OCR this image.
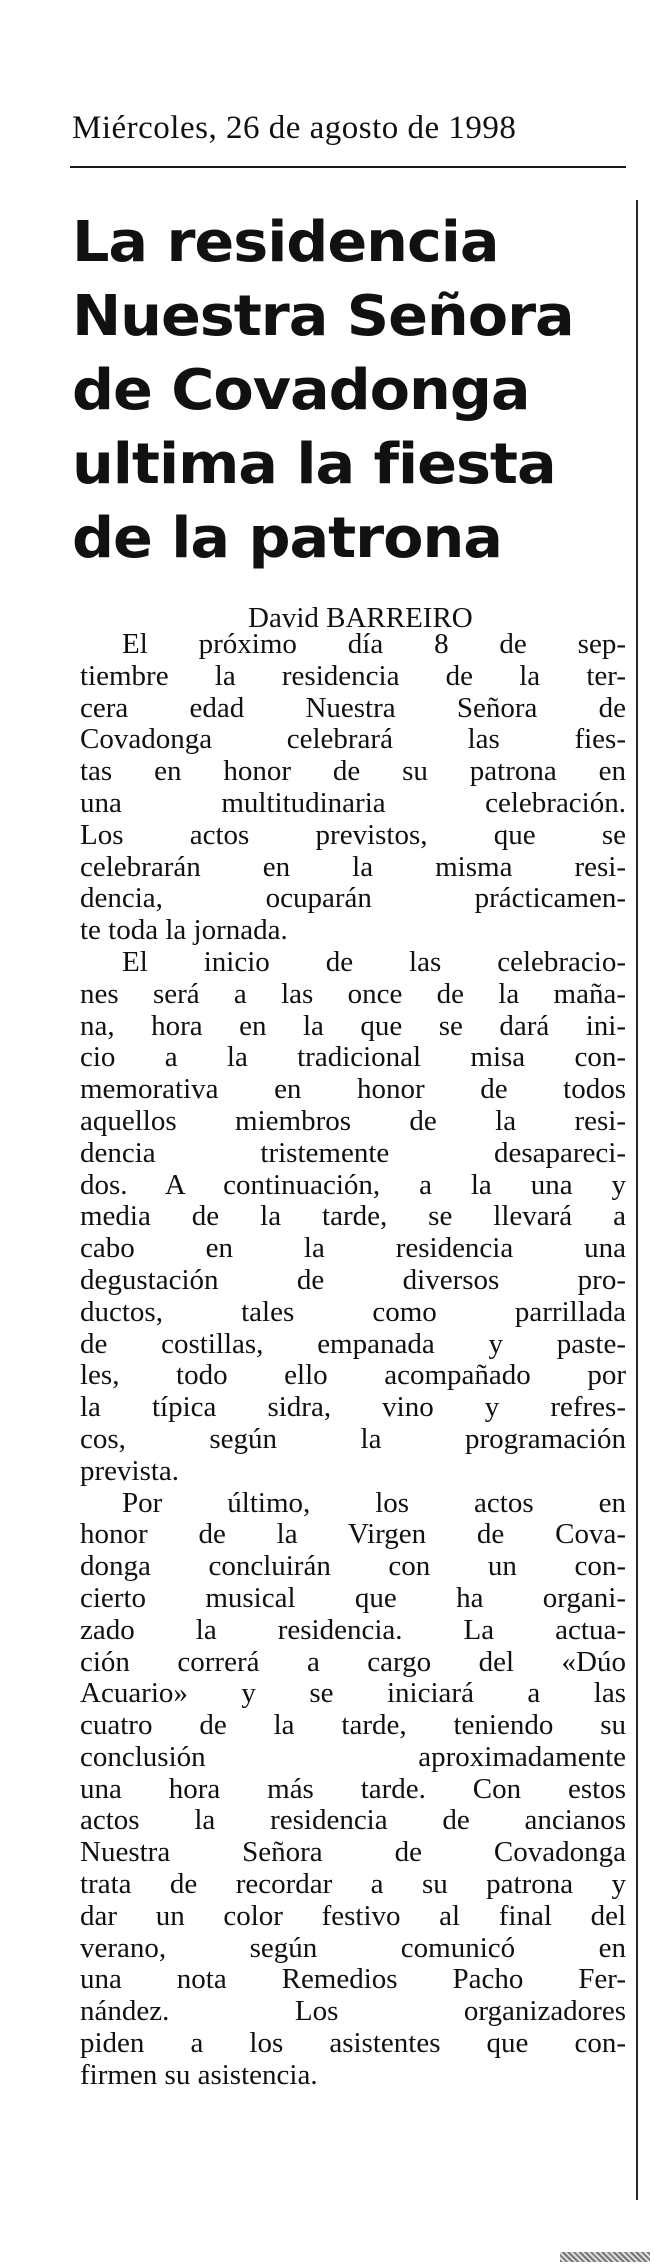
Miércoles, 26 de agosto de 1998
La residencia
Nuestra Señora
de Covadonga
ultima la fiesta
de la patrona
David BARREIRO
El próximo día 8 de sep-
tiembre la residencia de la ter-
cera edad Nuestra Señora de
Covadonga celebrará las fies-
tas en honor de su patrona en
una multitudinaria celebración.
Los actos previstos, que se
celebrarán en la misma resi-
dencia, ocuparán prácticamen-
te toda la jornada.
El inicio de las celebracio-
nes será a las once de la maña-
na, hora en la que se dará ini-
cio a la tradicional misa con-
memorativa en honor de todos
aquellos miembros de la resi-
dencia tristemente desapareci-
dos. A continuación, a la una y
media de la tarde, se llevará a
cabo en la residencia una
degustación de diversos pro-
ductos, tales como parrillada
de costillas, empanada y paste-
les, todo ello acompañado por
la típica sidra, vino y refres-
cos, según la programación
prevista.
Por último, los actos en
honor de la Virgen de Cova-
donga concluirán con un con-
cierto musical que ha organi-
zado la residencia. La actua-
ción correrá a cargo del «Dúo
Acuario» y se iniciará a las
cuatro de la tarde, teniendo su
conclusión aproximadamente
una hora más tarde. Con estos
actos la residencia de ancianos
Nuestra Señora de Covadonga
trata de recordar a su patrona y
dar un color festivo al final del
verano, según comunicó en
una nota Remedios Pacho Fer-
nández. Los organizadores
piden a los asistentes que con-
firmen su asistencia.
